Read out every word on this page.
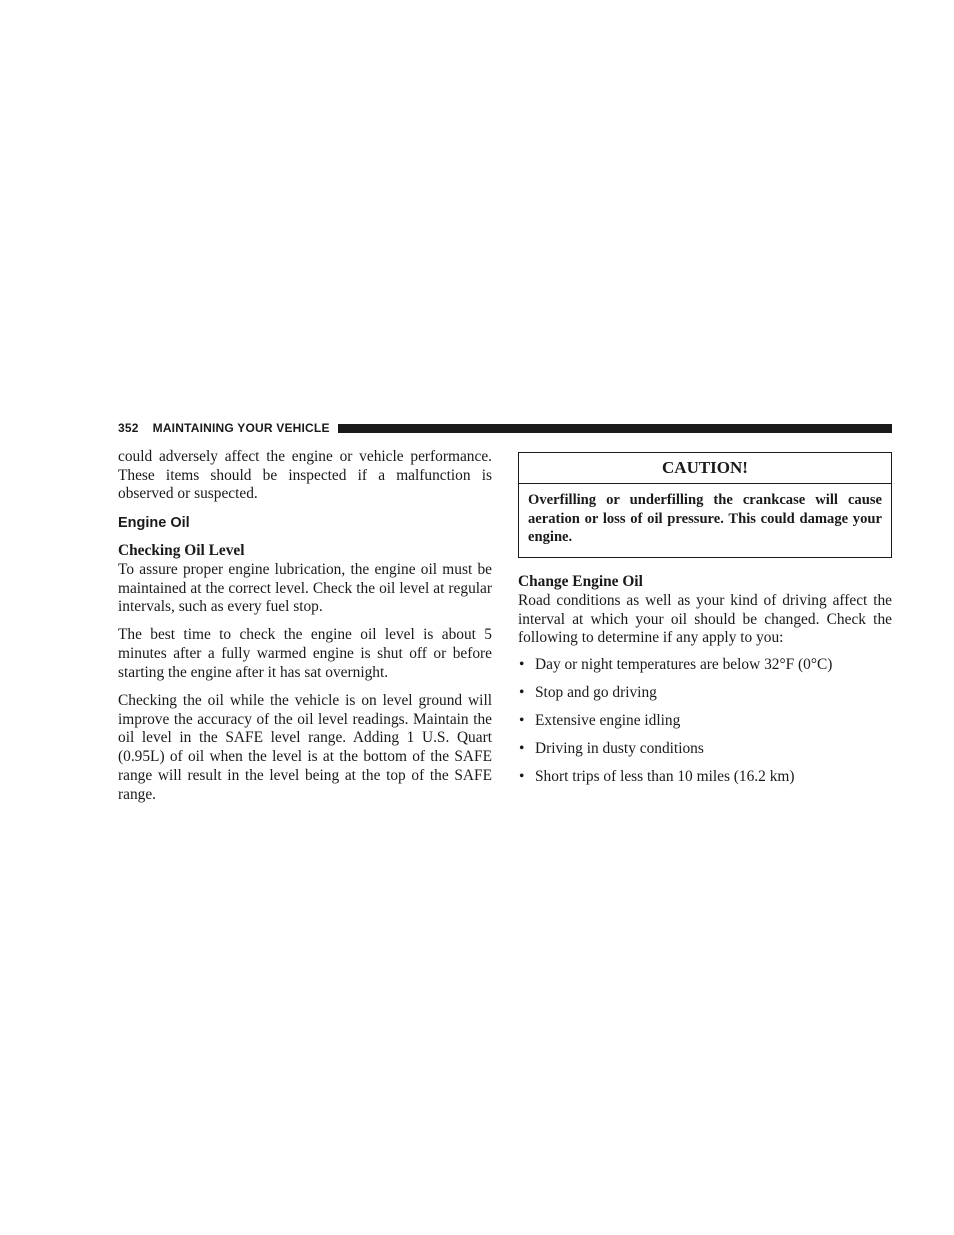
352 MAINTAINING YOUR VEHICLE

could adversely affect the engine or vehicle performance. These items should be inspected if a malfunction is observed or suspected.

Engine Oil
Checking Oil Level

To assure proper engine lubrication, the engine oil must be maintained at the correct level. Check the oil level at regular intervals, such as every fuel stop.

The best time to check the engine oil level is about 5 minutes after a fully warmed engine is shut off or before starting the engine after it has sat overnight.

Checking the oil while the vehicle is on level ground will improve the accuracy of the oil level readings. Maintain the oil level in the SAFE level range. Adding 1 U.S. Quart (0.95L) of oil when the level is at the bottom of the SAFE range will result in the level being at the top of the SAFE range.

CAUTION!
Overfilling or underfilling the crankcase will cause aeration or loss of oil pressure. This could damage your engine.
Change Engine Oil

Road conditions as well as your kind of driving affect the interval at which your oil should be changed. Check the following to determine if any apply to you:

• Day or night temperatures are below 32°F (0°C)
• Stop and go driving
• Extensive engine idling
• Driving in dusty conditions
• Short trips of less than 10 miles (16.2 km)
